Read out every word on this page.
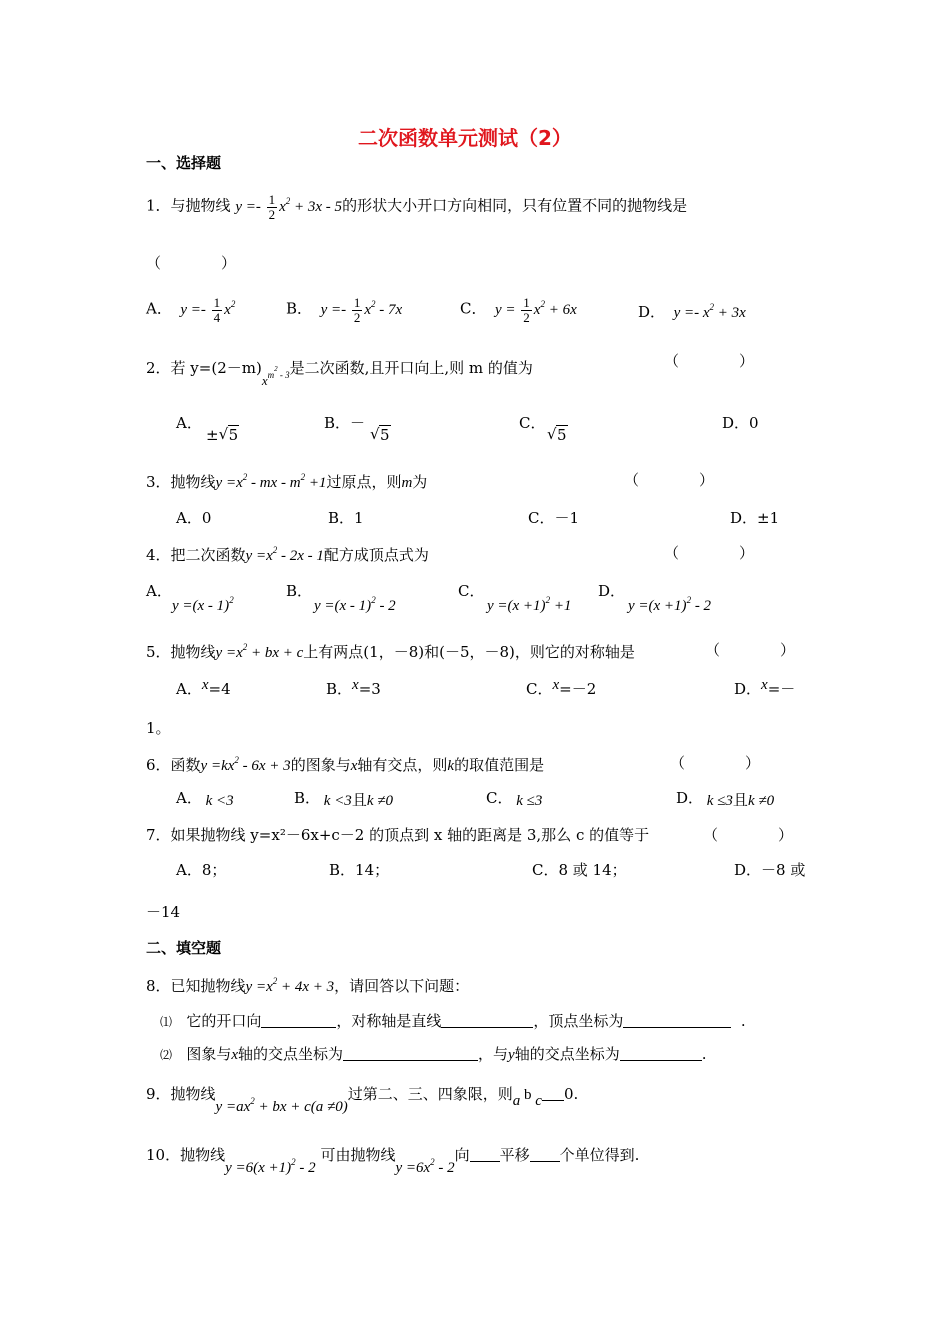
二次函数单元测试（2）
一、选择题
1．与抛物线 $y =- \frac{1}{2} x^2 + 3x - 5$的形状大小开口方向相同，只有位置不同的抛物线是
（　　　　）
A．  $y =- \frac{1}{4} x^2$	B．  $y =- \frac{1}{2} x^2 - 7x$	C．  $y = \frac{1}{2} x^2 + 6x$	D．  $y =- x^2 + 3x$
2．若 $y=(2-m)x^{m^2 - 3}$是二次函数,且开口向上,则 m 的值为	（　　　　）
A．
±√ 5
B．－
√ 5
C．
√ 5
D．0
3．抛物线$y =x^2$ - mx - $m^2 +1$过原点，则m为	（　　　　）
A．0	B．1	C．－1	D．±1
4．把二次函数$y =x^2 - 2x - 1$配方成顶点式为	（　　　　）
A．
y =(x - 1)$^2$	B．
y =(x - 1)$^2$ - 2
C．
$y =(x +1)^2 +1$
D．
$y =(x +1)^2 - 2$
5．抛物线$y =x^2$ + bx + c上有两点(1，－8)和(－5，－8)，则它的对称轴是	（　　　　）
A．x=4	B．x=3	C．x=－2	D．x=－
1。
6．函数$y =kx^2 - 6x + 3$的图象与x轴有交点，则k的取值范围是	（　　　　）
A． k <3	B． k <3且k ≠0	C． k ≤3	D． k ≤3且k ≠0
7．如果抛物线 y=x²－6x+c－2 的顶点到 x 轴的距离是 3,那么 c 的值等于	（　　　　）
A．8；	B．14；	C．8 或 14；	D．－8 或
－14
二、填空题
8．已知抛物线$y =x^2 + 4x + 3$，请回答以下问题：
⑴ 它的开口向	，对称轴是直线	，顶点坐标为	.
⑵ 图象与x轴的交点坐标为	，与y轴的交点坐标为	.
9．抛物线$y =ax^2$ + bx + c(a ≠0)过第二、三、四象限，则a b c 0.
10．抛物线$y =6(x +1)^2 - 2$ 可由抛物线$y =6x^2 - 2$向 平移 个单位得到.
